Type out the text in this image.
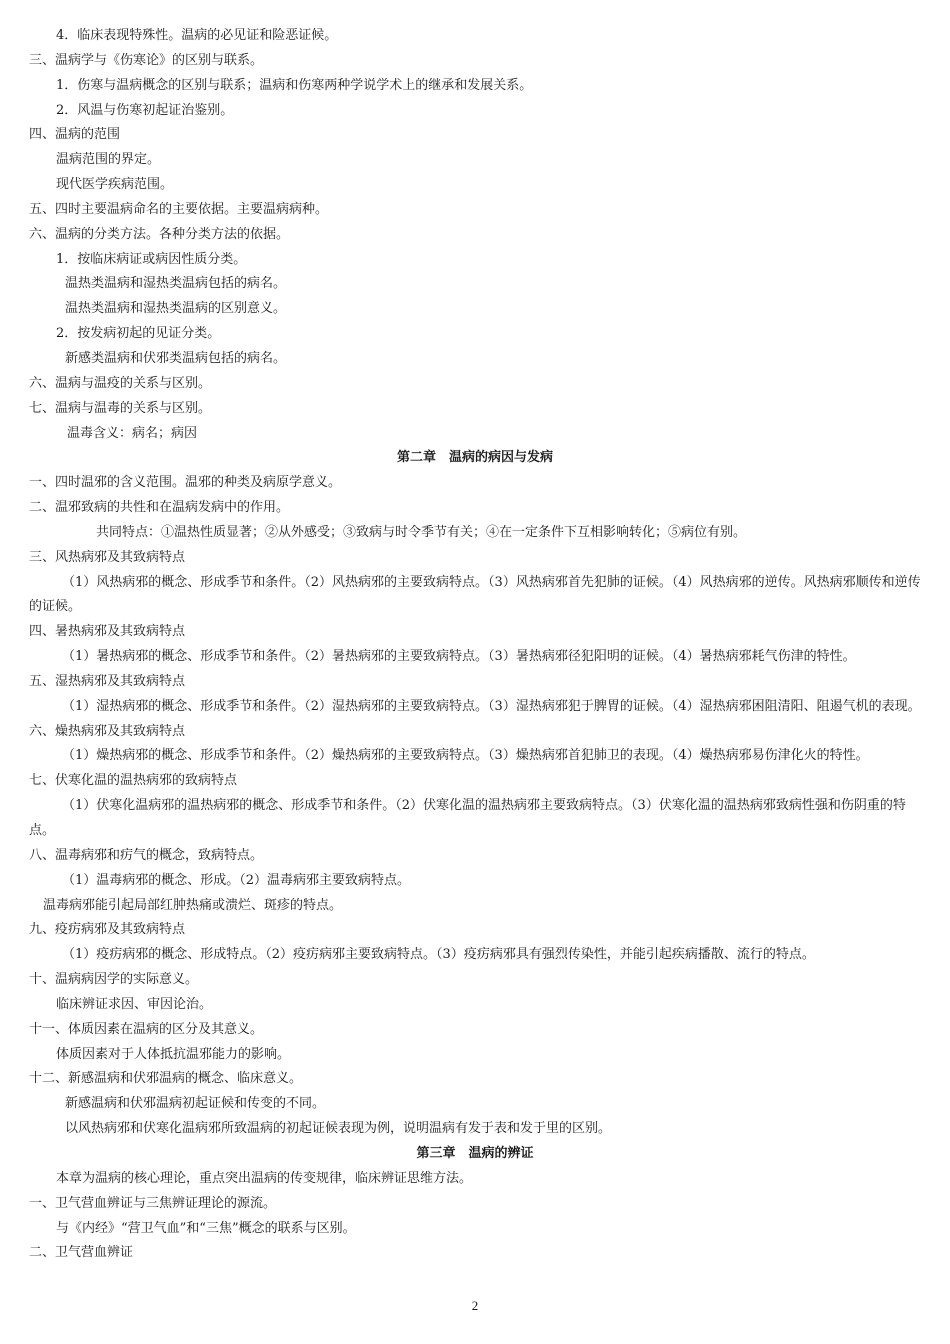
4．临床表现特殊性。温病的必见证和险恶证候。
三、温病学与《伤寒论》的区别与联系。
1．伤寒与温病概念的区别与联系；温病和伤寒两种学说学术上的继承和发展关系。
2．风温与伤寒初起证治鉴别。
四、温病的范围
温病范围的界定。
现代医学疾病范围。
五、四时主要温病命名的主要依据。主要温病病种。
六、温病的分类方法。各种分类方法的依据。
1．按临床病证或病因性质分类。
温热类温病和湿热类温病包括的病名。
温热类温病和湿热类温病的区别意义。
2．按发病初起的见证分类。
新感类温病和伏邪类温病包括的病名。
六、温病与温疫的关系与区别。
七、温病与温毒的关系与区别。
温毒含义：病名；病因
第二章　温病的病因与发病
一、四时温邪的含义范围。温邪的种类及病原学意义。
二、温邪致病的共性和在温病发病中的作用。
共同特点：①温热性质显著；②从外感受；③致病与时令季节有关；④在一定条件下互相影响转化；⑤病位有别。
三、风热病邪及其致病特点
（1）风热病邪的概念、形成季节和条件。（2）风热病邪的主要致病特点。（3）风热病邪首先犯肺的证候。（4）风热病邪的逆传。风热病邪顺传和逆传的证候。
四、暑热病邪及其致病特点
（1）暑热病邪的概念、形成季节和条件。（2）暑热病邪的主要致病特点。（3）暑热病邪径犯阳明的证候。（4）暑热病邪耗气伤津的特性。
五、湿热病邪及其致病特点
（1）湿热病邪的概念、形成季节和条件。（2）湿热病邪的主要致病特点。（3）湿热病邪犯于脾胃的证候。（4）湿热病邪困阻清阳、阻遏气机的表现。
六、燥热病邪及其致病特点
（1）燥热病邪的概念、形成季节和条件。（2）燥热病邪的主要致病特点。（3）燥热病邪首犯肺卫的表现。（4）燥热病邪易伤津化火的特性。
七、伏寒化温的温热病邪的致病特点
（1）伏寒化温病邪的温热病邪的概念、形成季节和条件。（2）伏寒化温的温热病邪主要致病特点。（3）伏寒化温的温热病邪致病性强和伤阴重的特点。
八、温毒病邪和疠气的概念，致病特点。
（1）温毒病邪的概念、形成。（2）温毒病邪主要致病特点。
温毒病邪能引起局部红肿热痛或溃烂、斑疹的特点。
九、疫疠病邪及其致病特点
（1）疫疠病邪的概念、形成特点。（2）疫疠病邪主要致病特点。（3）疫疠病邪具有强烈传染性，并能引起疾病播散、流行的特点。
十、温病病因学的实际意义。
临床辨证求因、审因论治。
十一、体质因素在温病的区分及其意义。
体质因素对于人体抵抗温邪能力的影响。
十二、新感温病和伏邪温病的概念、临床意义。
新感温病和伏邪温病初起证候和传变的不同。
以风热病邪和伏寒化温病邪所致温病的初起证候表现为例，说明温病有发于表和发于里的区别。
第三章　温病的辨证
本章为温病的核心理论，重点突出温病的传变规律，临床辨证思维方法。
一、卫气营血辨证与三焦辨证理论的源流。
与《内经》“营卫气血”和“三焦”概念的联系与区别。
二、卫气营血辨证
2
